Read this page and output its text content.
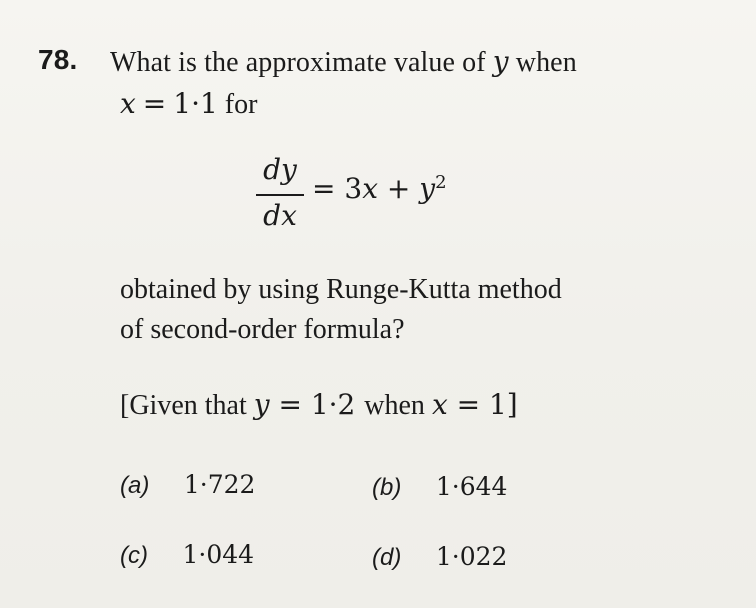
78. What is the approximate value of y when
x = 1·1 for
dy
dx
= $3x + y^2$
obtained by using Runge-Kutta method
of second-order formula?
[Given that y = 1·2 when x = 1]
(a) 1·722	(b) 1·644
(c) 1·044	(d) 1·022
